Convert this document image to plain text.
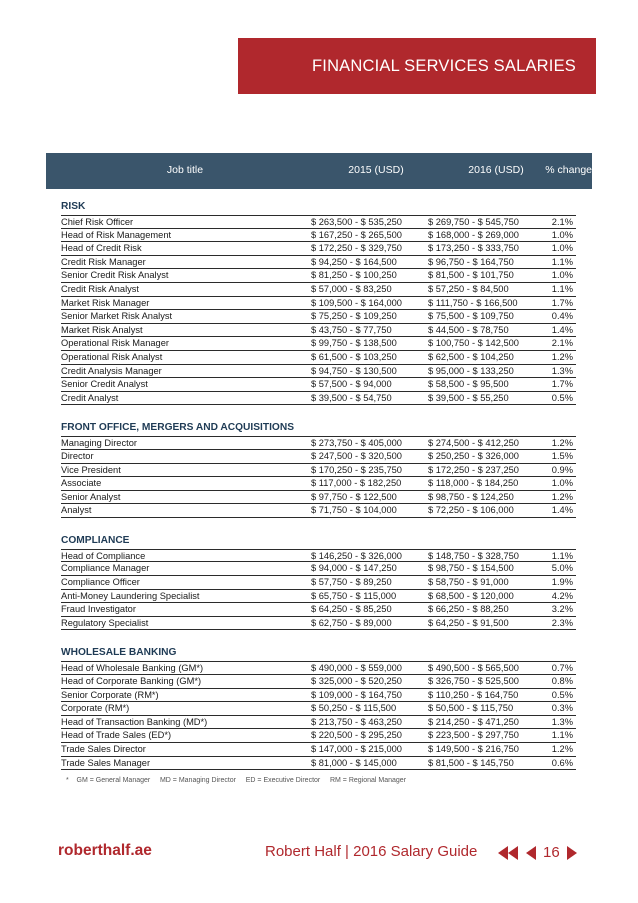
FINANCIAL SERVICES SALARIES
Job title	2015 (USD)	2016 (USD)	% change
RISK
Chief Risk Officer	$ 263,500 - $ 535,250	$ 269,750 - $ 545,750	2.1%
Head of Risk Management	$ 167,250 - $ 265,500	$ 168,000 - $ 269,000	1.0%
Head of Credit Risk	$ 172,250 - $ 329,750	$ 173,250 - $ 333,750	1.0%
Credit Risk Manager	$ 94,250 - $ 164,500	$ 96,750 - $ 164,750	1.1%
Senior Credit Risk Analyst	$ 81,250 - $ 100,250	$ 81,500 - $ 101,750	1.0%
Credit Risk Analyst	$ 57,000 - $ 83,250	$ 57,250 - $ 84,500	1.1%
Market Risk Manager	$ 109,500 - $ 164,000	$ 111,750 - $ 166,500	1.7%
Senior Market Risk Analyst	$ 75,250 - $ 109,250	$ 75,500 - $ 109,750	0.4%
Market Risk Analyst	$ 43,750 - $ 77,750	$ 44,500 - $ 78,750	1.4%
Operational Risk Manager	$ 99,750 - $ 138,500	$ 100,750 - $ 142,500	2.1%
Operational Risk Analyst	$ 61,500 - $ 103,250	$ 62,500 - $ 104,250	1.2%
Credit Analysis Manager	$ 94,750 - $ 130,500	$ 95,000 - $ 133,250	1.3%
Senior Credit Analyst	$ 57,500 - $ 94,000	$ 58,500 - $ 95,500	1.7%
Credit Analyst	$ 39,500 - $ 54,750	$ 39,500 - $ 55,250	0.5%
FRONT OFFICE, MERGERS AND ACQUISITIONS
Managing Director	$ 273,750 - $ 405,000	$ 274,500 - $ 412,250	1.2%
Director	$ 247,500 - $ 320,500	$ 250,250 - $ 326,000	1.5%
Vice President	$ 170,250 - $ 235,750	$ 172,250 - $ 237,250	0.9%
Associate	$ 117,000 - $ 182,250	$ 118,000 - $ 184,250	1.0%
Senior Analyst	$ 97,750 - $ 122,500	$ 98,750 - $ 124,250	1.2%
Analyst	$ 71,750 - $ 104,000	$ 72,250 - $ 106,000	1.4%
COMPLIANCE
Head of Compliance	$ 146,250 - $ 326,000	$ 148,750 - $ 328,750	1.1%
Compliance Manager	$ 94,000 - $ 147,250	$ 98,750 - $ 154,500	5.0%
Compliance Officer	$ 57,750 - $ 89,250	$ 58,750 - $ 91,000	1.9%
Anti-Money Laundering Specialist	$ 65,750 - $ 115,000	$ 68,500 - $ 120,000	4.2%
Fraud Investigator	$ 64,250 - $ 85,250	$ 66,250 - $ 88,250	3.2%
Regulatory Specialist	$ 62,750 - $ 89,000	$ 64,250 - $ 91,500	2.3%
WHOLESALE BANKING
Head of Wholesale Banking (GM*)	$ 490,000 - $ 559,000	$ 490,500 - $ 565,500	0.7%
Head of Corporate Banking (GM*)	$ 325,000 - $ 520,250	$ 326,750 - $ 525,500	0.8%
Senior Corporate (RM*)	$ 109,000 - $ 164,750	$ 110,250 - $ 164,750	0.5%
Corporate (RM*)	$ 50,250 - $ 115,500	$ 50,500 - $ 115,750	0.3%
Head of Transaction Banking (MD*)	$ 213,750 - $ 463,250	$ 214,250 - $ 471,250	1.3%
Head of Trade Sales (ED*)	$ 220,500 - $ 295,250	$ 223,500 - $ 297,750	1.1%
Trade Sales Director	$ 147,000 - $ 215,000	$ 149,500 - $ 216,750	1.2%
Trade Sales Manager	$ 81,000 - $ 145,000	$ 81,500 - $ 145,750	0.6%
*    GM = General Manager     MD = Managing Director     ED = Executive Director     RM = Regional Manager
roberthalf.ae	Robert Half | 2016 Salary Guide	16
